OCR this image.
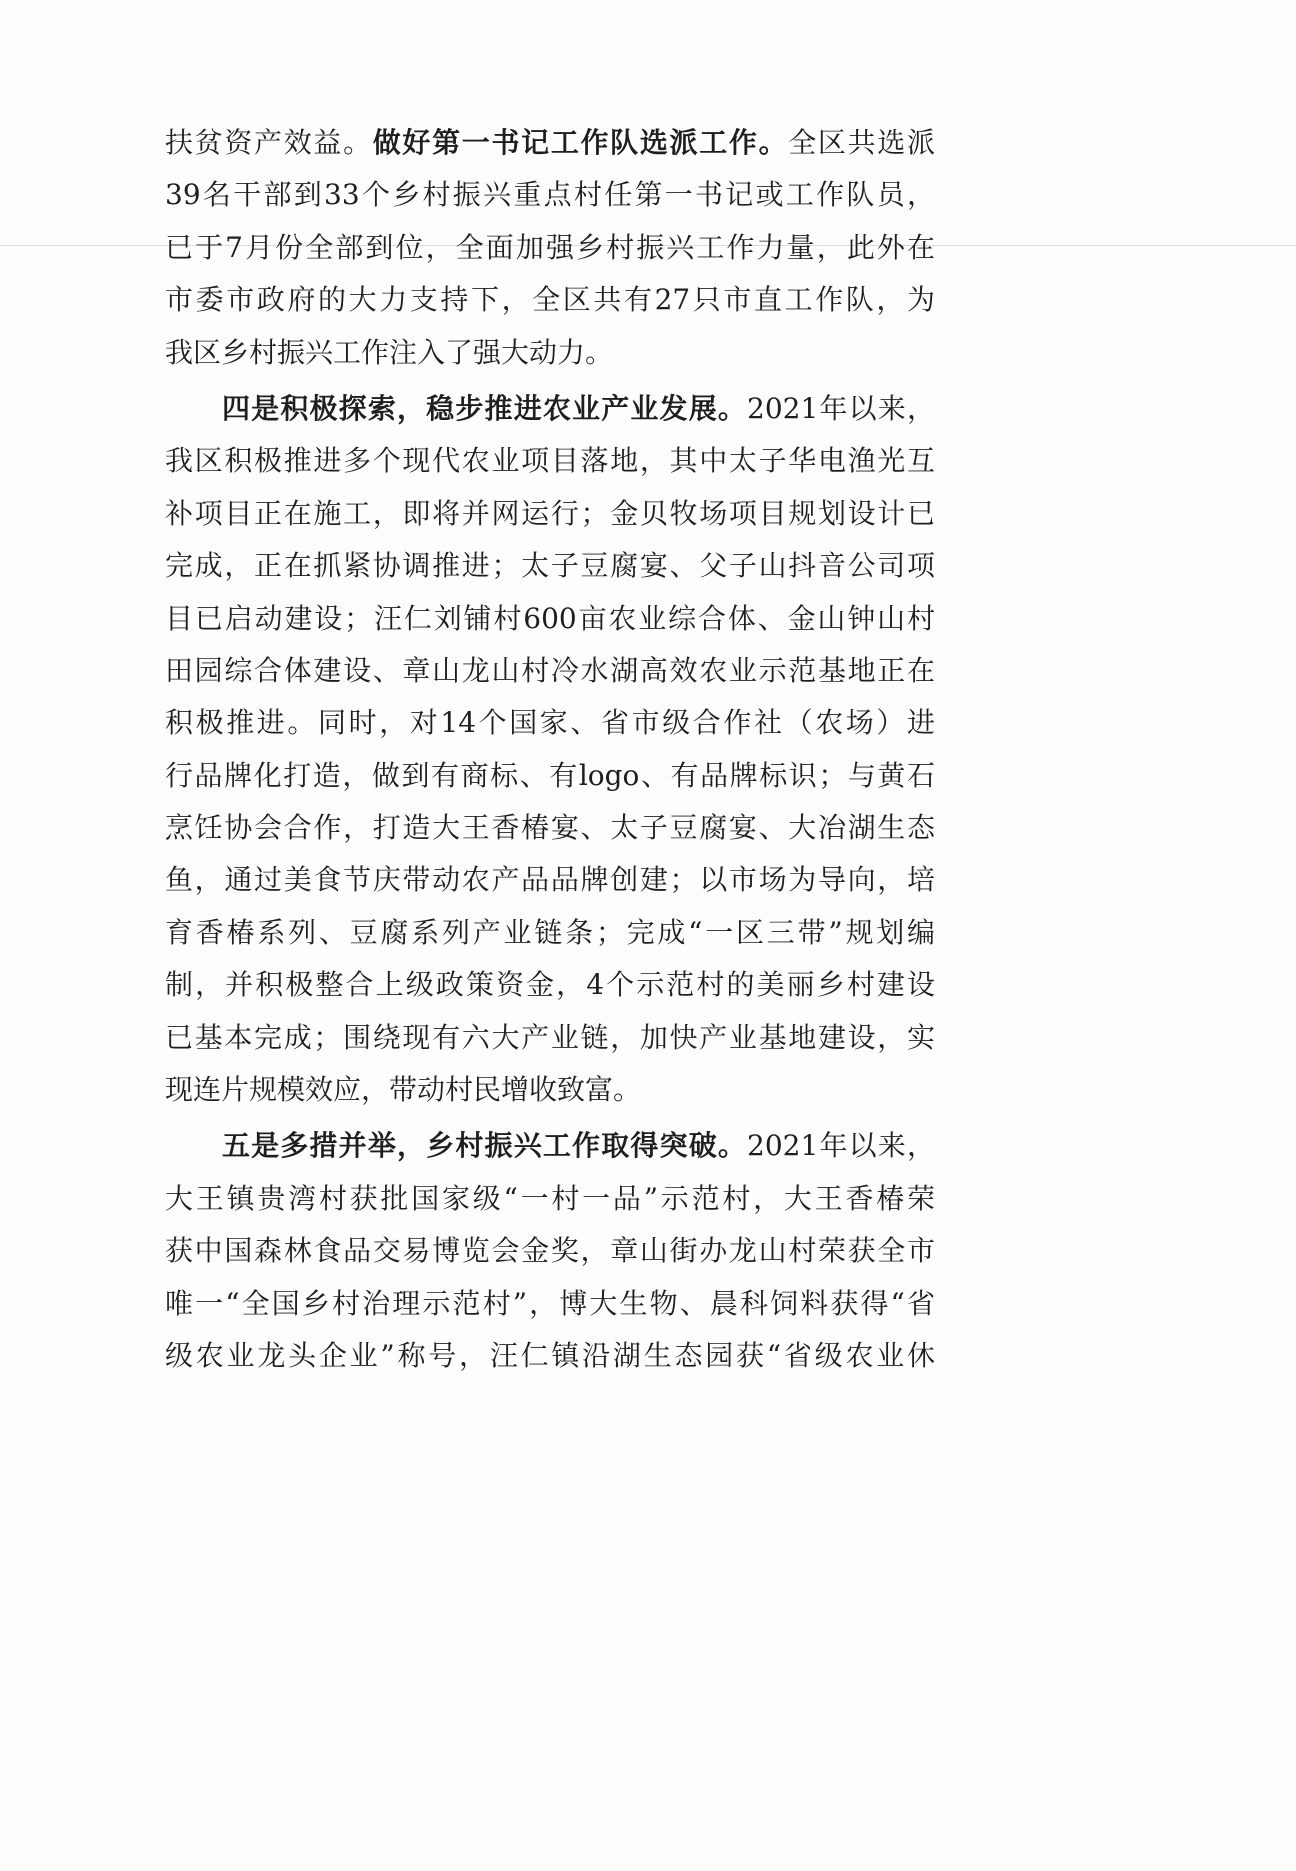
扶贫资产效益。做好第一书记工作队选派工作。全区共选派
39名干部到33个乡村振兴重点村任第一书记或工作队员，
已于7月份全部到位，全面加强乡村振兴工作力量，此外在
市委市政府的大力支持下，全区共有27只市直工作队，为
我区乡村振兴工作注入了强大动力。
四是积极探索，稳步推进农业产业发展。2021年以来，
我区积极推进多个现代农业项目落地，其中太子华电渔光互
补项目正在施工，即将并网运行；金贝牧场项目规划设计已
完成，正在抓紧协调推进；太子豆腐宴、父子山抖音公司项
目已启动建设；汪仁刘铺村600亩农业综合体、金山钟山村
田园综合体建设、章山龙山村冷水湖高效农业示范基地正在
积极推进。同时，对14个国家、省市级合作社（农场）进
行品牌化打造，做到有商标、有logo、有品牌标识；与黄石
烹饪协会合作，打造大王香椿宴、太子豆腐宴、大冶湖生态
鱼，通过美食节庆带动农产品品牌创建；以市场为导向，培
育香椿系列、豆腐系列产业链条；完成“一区三带”规划编
制，并积极整合上级政策资金，4个示范村的美丽乡村建设
已基本完成；围绕现有六大产业链，加快产业基地建设，实
现连片规模效应，带动村民增收致富。
五是多措并举，乡村振兴工作取得突破。2021年以来，
大王镇贵湾村获批国家级“一村一品”示范村，大王香椿荣
获中国森林食品交易博览会金奖，章山街办龙山村荣获全市
唯一“全国乡村治理示范村”，博大生物、晨科饲料获得“省
级农业龙头企业”称号，汪仁镇沿湖生态园获“省级农业休
